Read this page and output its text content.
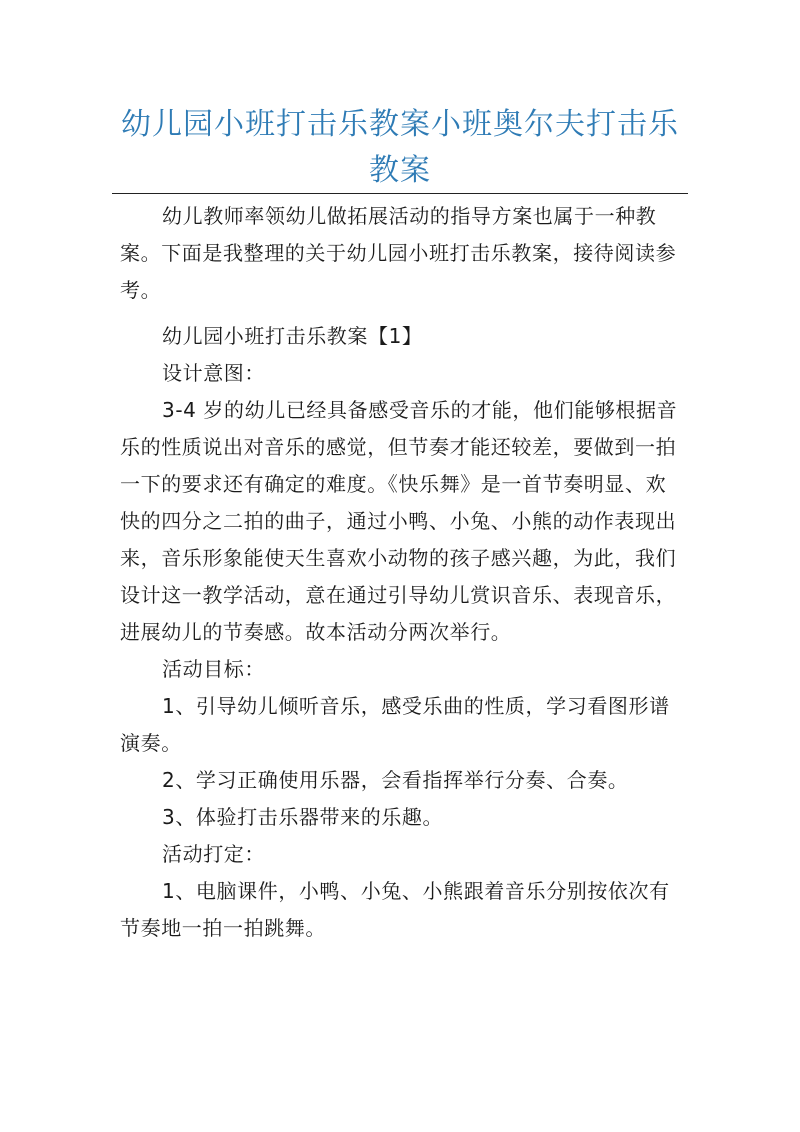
幼儿园小班打击乐教案小班奥尔夫打击乐教案

幼儿教师率领幼儿做拓展活动的指导方案也属于一种教案。下面是我整理的关于幼儿园小班打击乐教案，接待阅读参考。

幼儿园小班打击乐教案【1】

设计意图：

3-4 岁的幼儿已经具备感受音乐的才能，他们能够根据音乐的性质说出对音乐的感觉，但节奏才能还较差，要做到一拍一下的要求还有确定的难度。《快乐舞》是一首节奏明显、欢快的四分之二拍的曲子，通过小鸭、小兔、小熊的动作表现出来，音乐形象能使天生喜欢小动物的孩子感兴趣，为此，我们设计这一教学活动，意在通过引导幼儿赏识音乐、表现音乐，进展幼儿的节奏感。故本活动分两次举行。

活动目标：

1、引导幼儿倾听音乐，感受乐曲的性质，学习看图形谱演奏。

2、学习正确使用乐器，会看指挥举行分奏、合奏。

3、体验打击乐器带来的乐趣。

活动打定：

1、电脑课件，小鸭、小兔、小熊跟着音乐分别按依次有节奏地一拍一拍跳舞。
